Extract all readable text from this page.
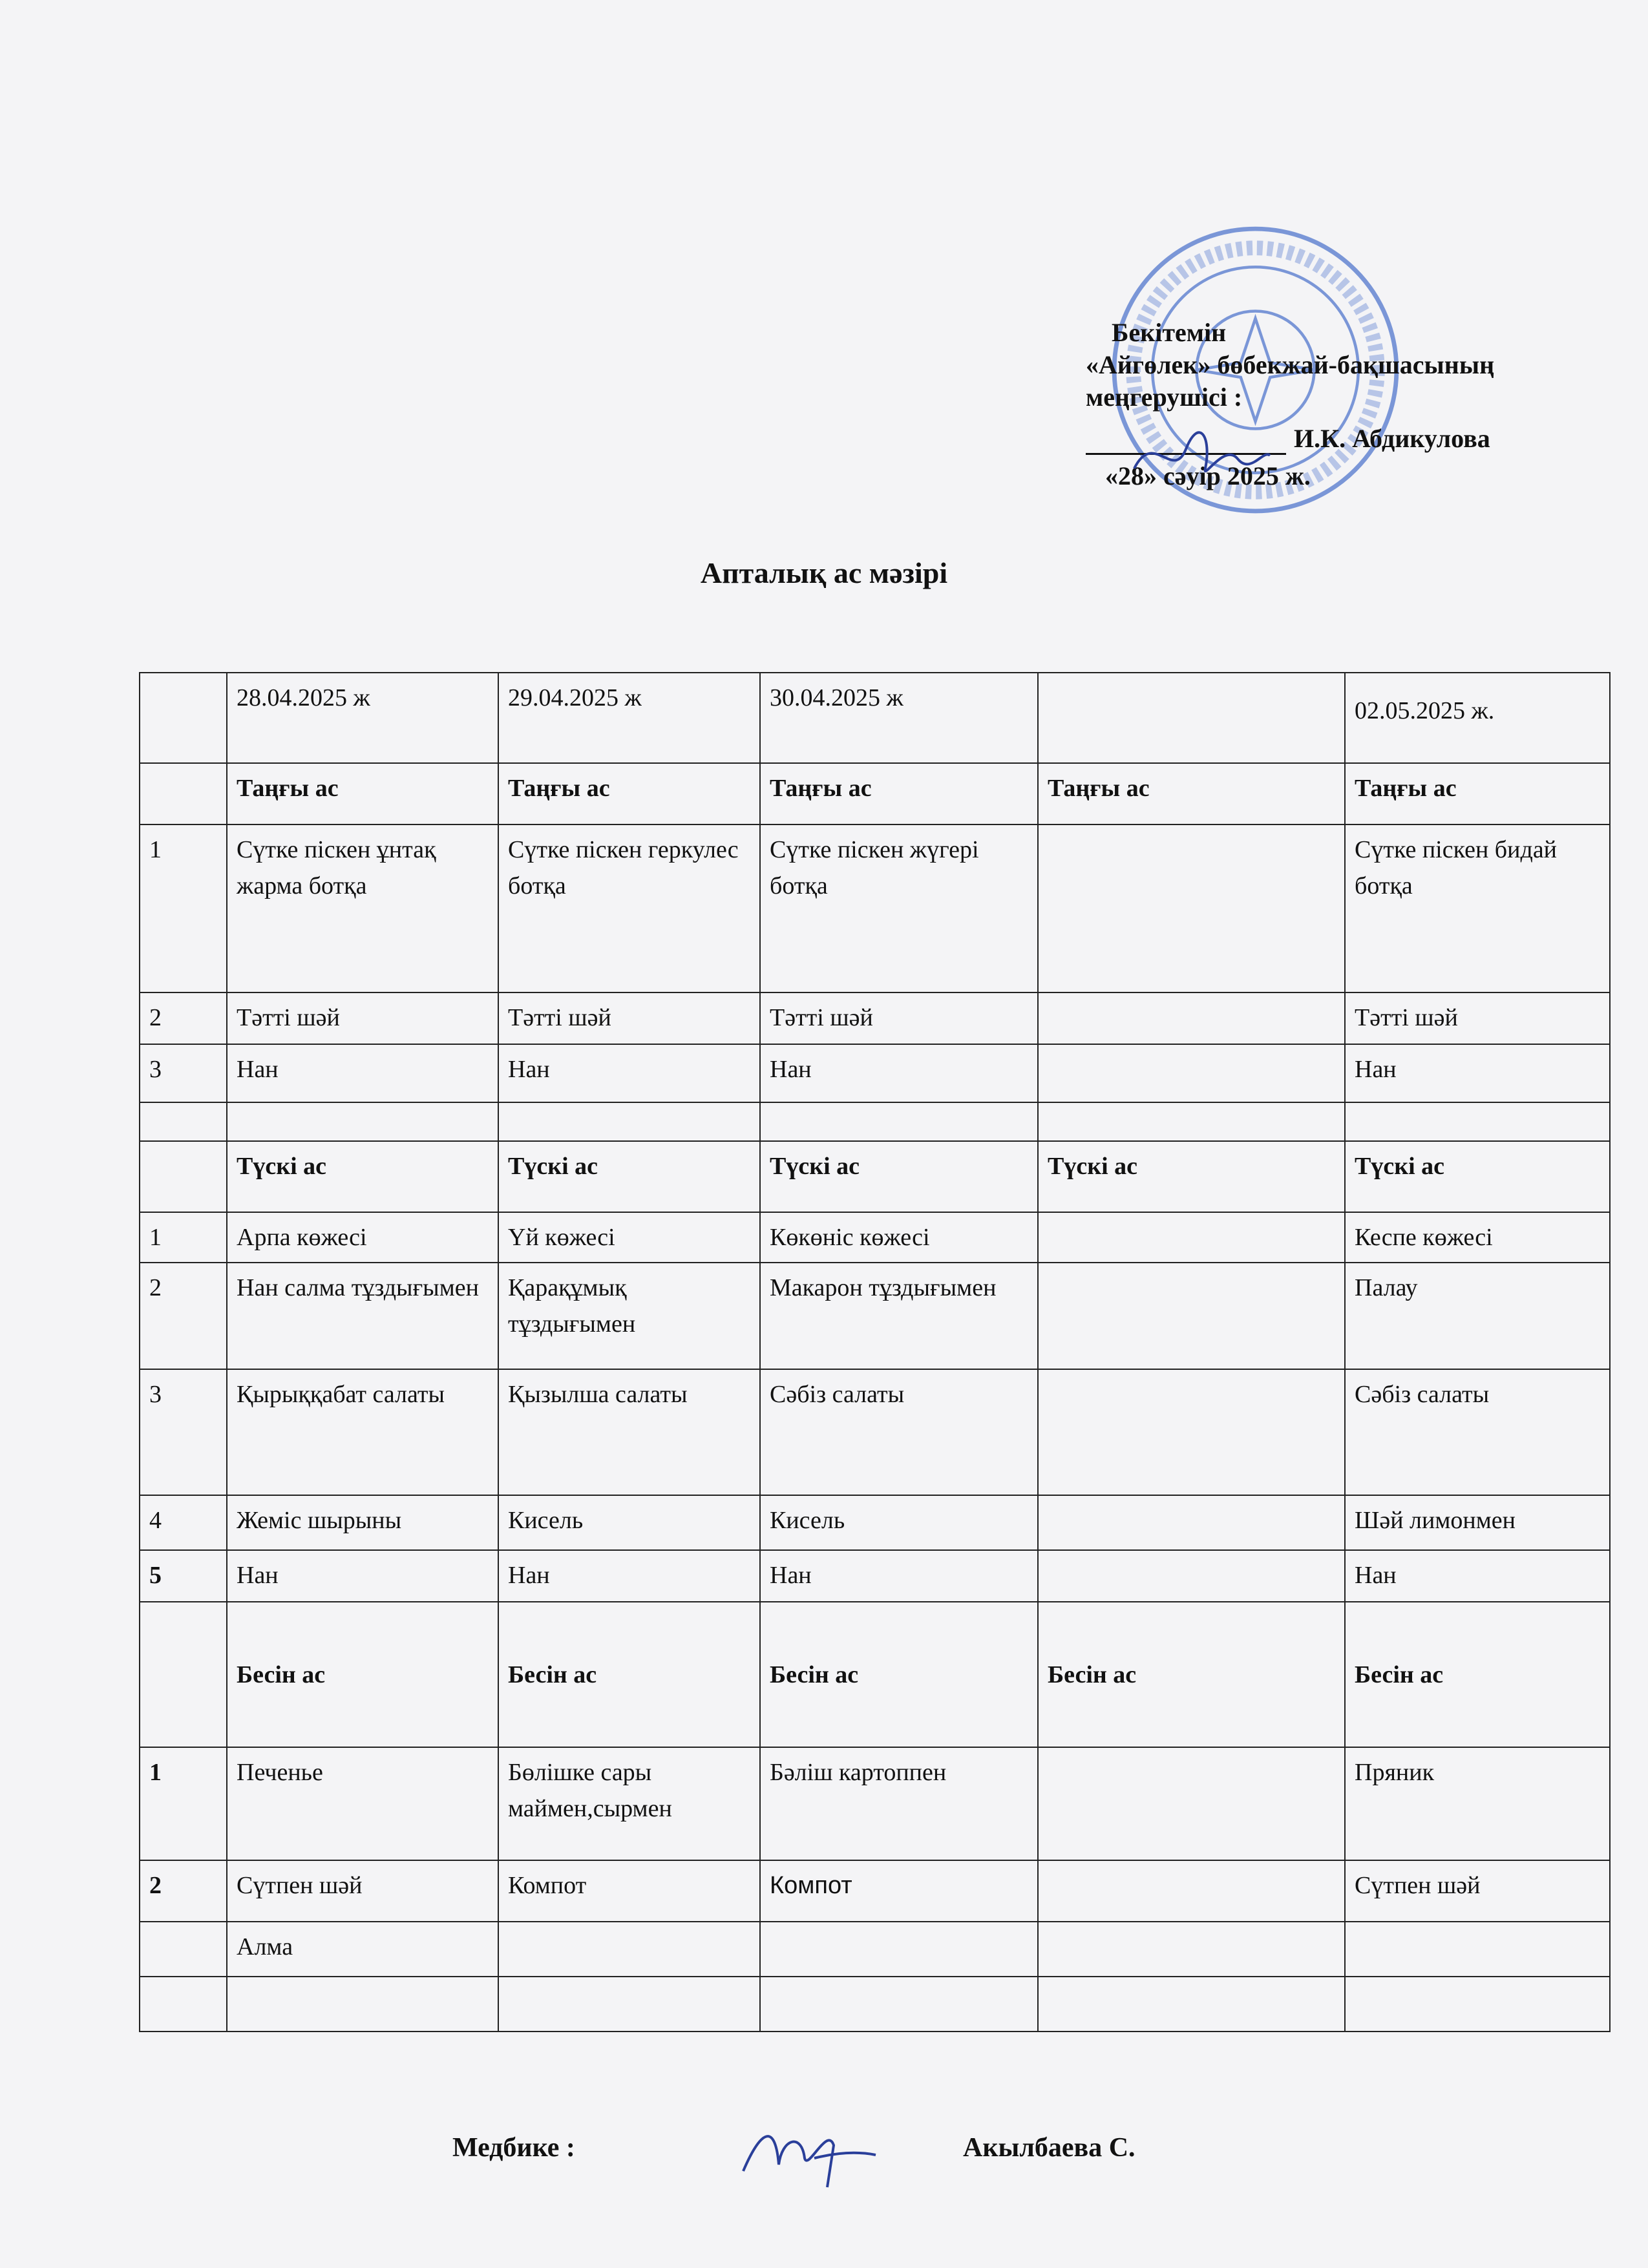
Бекітемін
«Айгөлек» бөбекжай-бақшасының
меңгерушісі :
И.К. Абдикулова
«28» сәуір 2025 ж.
Апталық ас мәзірі
	28.04.2025 ж	29.04.2025 ж	30.04.2025 ж		02.05.2025 ж.
	Таңғы ас	Таңғы ас	Таңғы ас	Таңғы ас	Таңғы ас
1	Сүтке піскен ұнтақ жарма ботқа	Сүтке піскен геркулес ботқа	Сүтке піскен жүгері ботқа		Сүтке піскен бидай ботқа
2	Тәтті шәй	Тәтті шәй	Тәтті шәй		Тәтті шәй
3	Нан	Нан	Нан		Нан

	Түскі ас	Түскі ас	Түскі ас	Түскі ас	Түскі ас
1	Арпа көжесі	Үй көжесі	Көкөніс көжесі		Кеспе көжесі
2	Нан салма тұздығымен	Қарақұмық тұздығымен	Макарон тұздығымен		Палау
3	Қырыққабат салаты	Қызылша салаты	Сәбіз салаты		Сәбіз салаты
4	Жеміс шырыны	Кисель	Кисель		Шәй лимонмен
5	Нан	Нан	Нан		Нан
	Бесін ас	Бесін ас	Бесін ас	Бесін ас	Бесін ас
1	Печенье	Бөлішке сары маймен,сырмен	Бәліш картоппен		Пряник
2	Сүтпен шәй	Компот	Компот		Сүтпен шәй
	Алма				

Медбике :	Акылбаева С.
